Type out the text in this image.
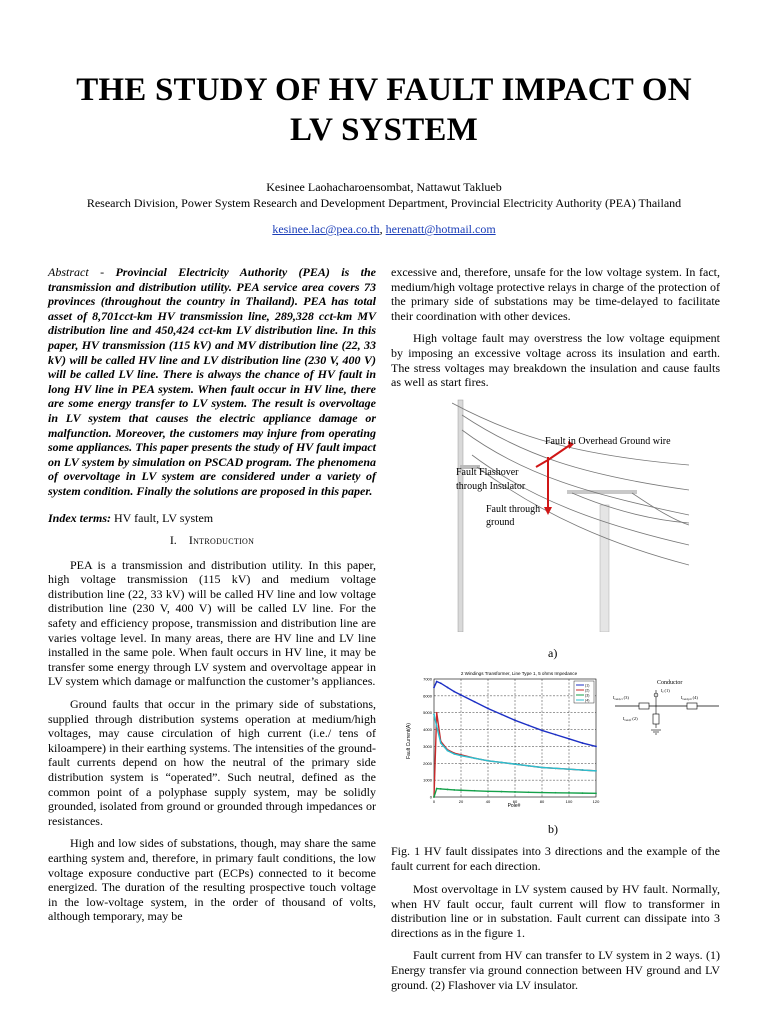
THE STUDY OF HV FAULT IMPACT ON
LV SYSTEM
Kesinee Laohacharoensombat, Nattawut Taklueb
Research Division, Power System Research and Development Department, Provincial Electricity Authority (PEA) Thailand
kesinee.lac@pea.co.th, herenatt@hotmail.com

Abstract - Provincial Electricity Authority (PEA) is the transmission and distribution utility. PEA service area covers 73 provinces (throughout the country in Thailand). PEA has total asset of 8,701cct-km HV transmission line, 289,328 cct-km MV distribution line and 450,424 cct-km LV distribution line. In this paper, HV transmission (115 kV) and MV distribution line (22, 33 kV) will be called HV line and LV distribution line (230 V, 400 V) will be called LV line. There is always the chance of HV fault in long HV line in PEA system. When fault occur in HV line, there are some energy transfer to LV system. The result is overvoltage in LV system that causes the electric appliance damage or malfunction. Moreover, the customers may injure from operating some appliances. This paper presents the study of HV fault impact on LV system by simulation on PSCAD program. The phenomena of overvoltage in LV system are considered under a variety of system condition. Finally the solutions are proposed in this paper.

Index terms: HV fault, LV system

I. Introduction

PEA is a transmission and distribution utility. In this paper, high voltage transmission (115 kV) and medium voltage distribution line (22, 33 kV) will be called HV line and low voltage distribution line (230 V, 400 V) will be called LV line. For the safety and efficiency propose, transmission and distribution line are varies voltage level. In many areas, there are HV line and LV line installed in the same pole. When fault occurs in HV line, it may be transfer some energy through LV system and overvoltage appear in LV system which damage or malfunction the customer’s appliances.

Ground faults that occur in the primary side of substations, supplied through distribution systems operation at medium/high voltages, may cause circulation of high current (i.e./ tens of kiloampere) in their earthing systems. The intensities of the ground-fault currents depend on how the neutral of the primary side distribution system is “operated”. Such neutral, defined as the common point of a polyphase supply system, may be solidly grounded, isolated from ground or grounded through impedances or resistances.

High and low sides of substations, though, may share the same earthing system and, therefore, in primary fault conditions, the low voltage exposure conductive part (ECPs) connected to it become energized. The duration of the resulting prospective touch voltage in the low-voltage system, in the order of thousand of volts, although temporary, may be

excessive and, therefore, unsafe for the low voltage system. In fact, medium/high voltage protective relays in charge of the protection of the primary side of substations may be time-delayed to facilitate their coordination with other devices.

High voltage fault may overstress the low voltage equipment by imposing an excessive voltage across its insulation and earth. The stress voltages may breakdown the insulation and cause faults as well as start fires.

Fault in Overhead Ground wire
Fault Flashover
through Insulator
Fault through
ground
a)
2 Windings Transformer, Line Type 1, 5 ohms Impedance
Pole#
Fault Current(A)
0	20	40	60	80	100	120
0
1000
2000
3000
4000
5000
6000
7000
(1)
(2)
(3)
(4)
Conductor
$I_{Gnd,ct}(3)$
$I_f(1)$
$I_{Gnd,ptt}(4)$
$I_{Gnd,f}(2)$
b)
Fig. 1 HV fault dissipates into 3 directions and the example of the fault current for each direction.

Most overvoltage in LV system caused by HV fault. Normally, when HV fault occur, fault current will flow to transformer in distribution line or in substation. Fault current can dissipate into 3 directions as in the figure 1.

Fault current from HV can transfer to LV system in 2 ways. (1) Energy transfer via ground connection between HV ground and LV ground. (2) Flashover via LV insulator.
